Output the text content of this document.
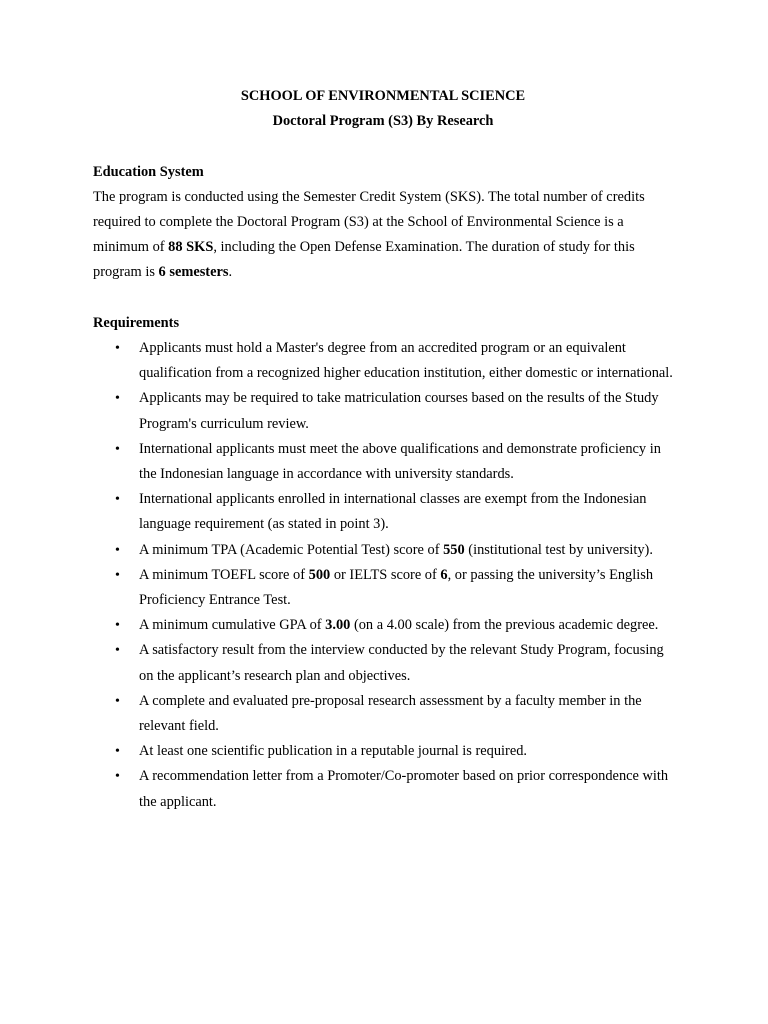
SCHOOL OF ENVIRONMENTAL SCIENCE

Doctoral Program (S3) By Research

Education System

The program is conducted using the Semester Credit System (SKS). The total number of credits required to complete the Doctoral Program (S3) at the School of Environmental Science is a minimum of 88 SKS, including the Open Defense Examination. The duration of study for this program is 6 semesters.

Requirements

• Applicants must hold a Master's degree from an accredited program or an equivalent qualification from a recognized higher education institution, either domestic or international.
• Applicants may be required to take matriculation courses based on the results of the Study Program's curriculum review.
• International applicants must meet the above qualifications and demonstrate proficiency in the Indonesian language in accordance with university standards.
• International applicants enrolled in international classes are exempt from the Indonesian language requirement (as stated in point 3).
• A minimum TPA (Academic Potential Test) score of 550 (institutional test by university).
• A minimum TOEFL score of 500 or IELTS score of 6, or passing the university’s English Proficiency Entrance Test.
• A minimum cumulative GPA of 3.00 (on a 4.00 scale) from the previous academic degree.
• A satisfactory result from the interview conducted by the relevant Study Program, focusing on the applicant’s research plan and objectives.
• A complete and evaluated pre-proposal research assessment by a faculty member in the relevant field.
• At least one scientific publication in a reputable journal is required.
• A recommendation letter from a Promoter/Co-promoter based on prior correspondence with the applicant.
